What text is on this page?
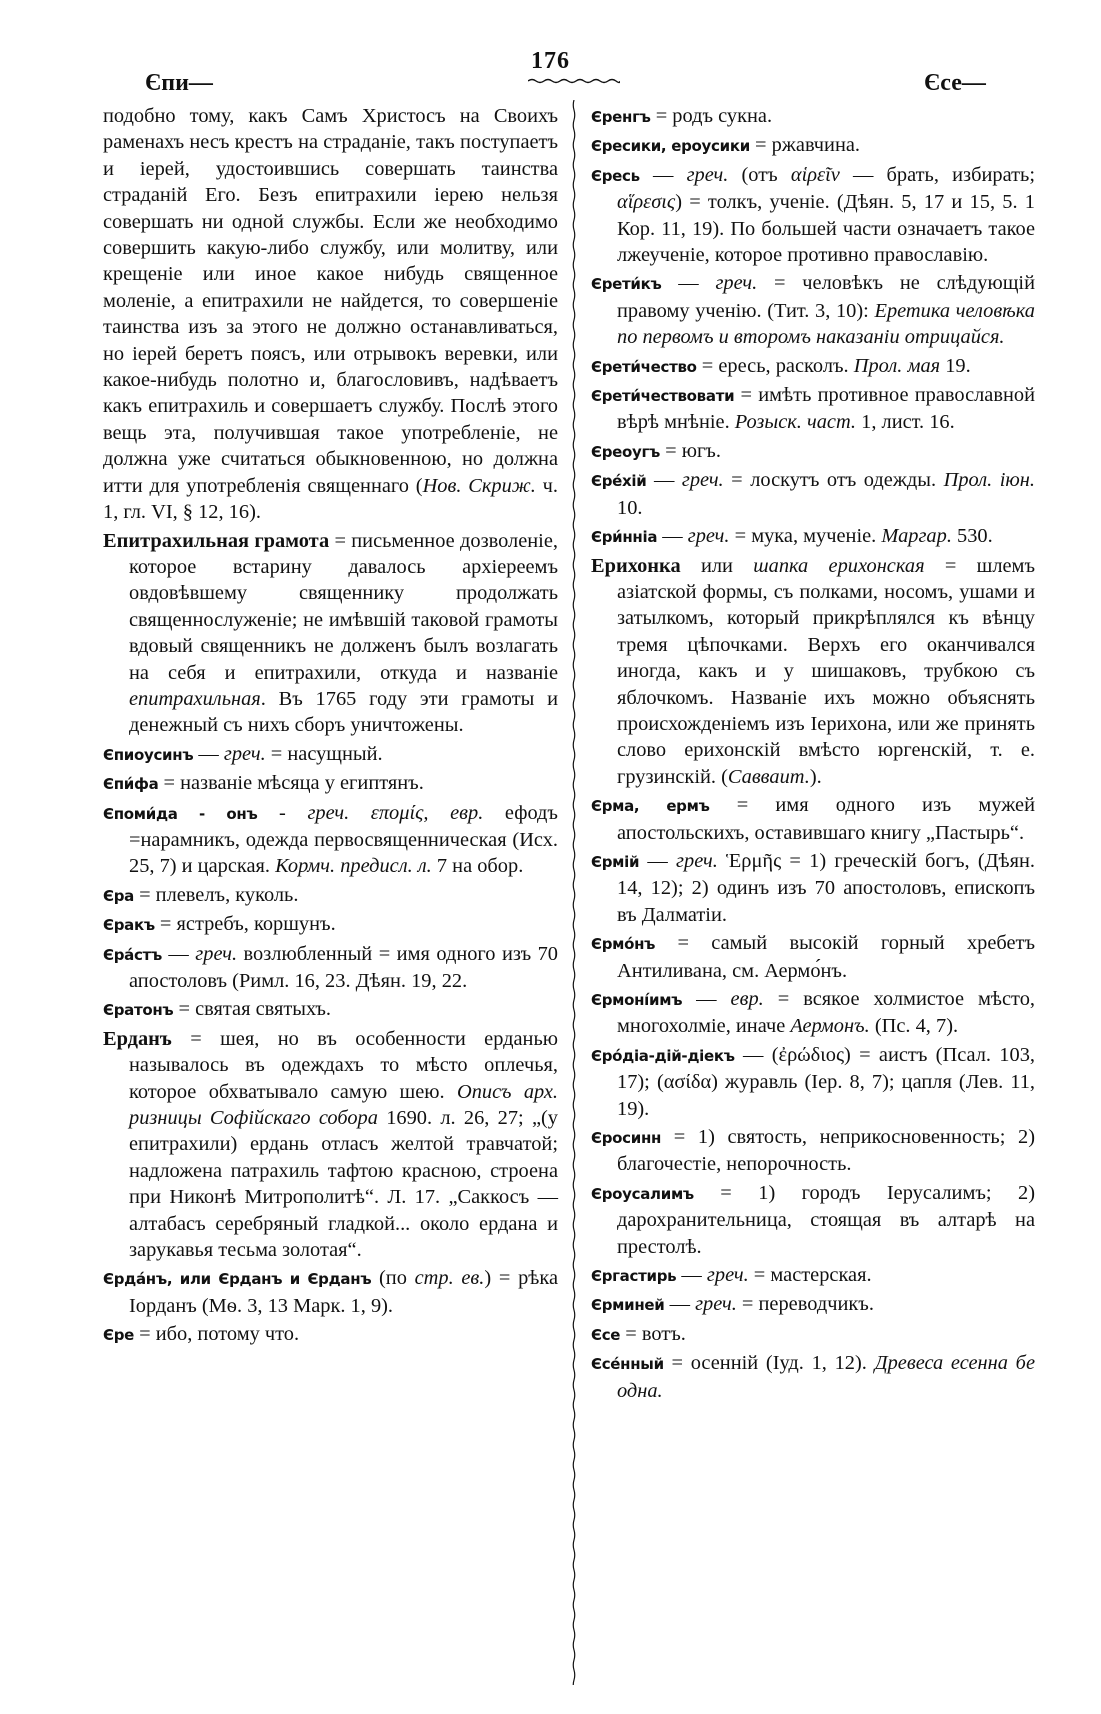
176
Єпи—	Єсе—

подобно тому, какъ Самъ Христосъ на Своихъ раменахъ несъ крестъ на страданіе, такъ поступаетъ и іерей, удостоившись совершать таинства страданій Его. Безъ епитрахили іерею нельзя совершать ни одной службы. Если же необходимо совершить какую-либо службу, или молитву, или крещеніе или иное какое нибудь священное моленіе, а епитрахили не найдется, то совершеніе таинства изъ за этого не должно останавливаться, но іерей беретъ поясъ, или отрывокъ веревки, или какое-нибудь полотно и, благословивъ, надѣваетъ какъ епитрахиль и совершаетъ службу. Послѣ этого вещь эта, получившая такое употребленіе, не должна уже считаться обыкновенною, но должна итти для употребленія священнаго (Нов. Скриж. ч. 1, гл. VI, § 12, 16).

Епитрахильная грамота = письменное дозволеніе, которое встарину давалось архіереемъ овдовѣвшему священнику продолжать священнослуженіе; не имѣвшій таковой грамоты вдовый священникъ не долженъ былъ возлагать на себя и епитрахили, откуда и названіе епитрахильная. Въ 1765 году эти грамоты и денежный съ нихъ сборъ уничтожены.

Єпиоусинъ — греч. = насущный.

Єпи́фа = названіе мѣсяца у египтянъ.

Єпоми́да - онъ - греч. επομίς, евр. ефодъ =нарамникъ, одежда первосвященническая (Исх. 25, 7) и царская. Кормч. предисл. л. 7 на обор.

Єра = плевелъ, куколь.

Єракъ = ястребъ, коршунъ.

Єра́стъ — греч. возлюбленный = имя одного изъ 70 апостоловъ (Римл. 16, 23. Дѣян. 19, 22.

Єратонъ = святая святыхъ.

Ерданъ = шея, но въ особенности ерданью называлось въ одеждахъ то мѣсто оплечья, которое обхватывало самую шею. Описъ арх. ризницы Софійскаго собора 1690. л. 26, 27; „(у епитрахили) ердань отласъ желтой травчатой; надложена патрахиль тафтою красною, строена при Никонѣ Митрополитѣ“. Л. 17. „Саккосъ — алтабасъ серебряный гладкой... около ердана и зарукавья тесьма золотая“.

Єрда́нъ, или Єрданъ и Єрданъ (по стр. ев.) = рѣка Іорданъ (Мѳ. 3, 13 Марк. 1, 9).

Єре = ибо, потому что.

Єренгъ = родъ сукна.

Єресики, ероусики = ржавчина.

Єресь — греч. (отъ αἱρεῖν — брать, избирать; αἵρεσις) = толкъ, ученіе. (Дѣян. 5, 17 и 15, 5. 1 Кор. 11, 19). По большей части означаетъ такое лжеученіе, которое противно православію.

Єрети́къ — греч. = человѣкъ не слѣдующій правому ученію. (Тит. 3, 10): Еретика человѣка по первомъ и второмъ наказаніи отрицайся.

Єрети́чество = ересь, расколъ. Прол. мая 19.

Єрети́чествовати = имѣть противное православной вѣрѣ мнѣніе. Розыск. част. 1, лист. 16.

Єреоугъ = югъ.

Єре́хій — греч. = лоскутъ отъ одежды. Прол. іюн. 10.

Єри́нніа — греч. = мука, мученіе. Маргар. 530.

Ерихонка или шапка ерихонская = шлемъ азіатской формы, съ полками, носомъ, ушами и затылкомъ, который прикрѣплялся къ вѣнцу тремя цѣпочками. Верхъ его оканчивался иногда, какъ и у шишаковъ, трубкою съ яблочкомъ. Названіе ихъ можно объяснять происхожденіемъ изъ Іерихона, или же принять слово ерихонскій вмѣсто юргенскій, т. е. грузинскій. (Савваит.).

Єрма, ермъ = имя одного изъ мужей апостольскихъ, оставившаго книгу „Пастырь“.

Єрмій — греч. Ἑρμῆς = 1) греческій богъ, (Дѣян. 14, 12); 2) одинъ изъ 70 апостоловъ, епископъ въ Далматіи.

Єрмо́нъ = самый высокій горный хребетъ Антиливана, см. Аермо́нъ.

Єрмоні́имъ — евр. = всякое холмистое мѣсто, многохолміе, иначе Аермонъ. (Пс. 4, 7).

Єро́діа-дій-діекъ — (ἐρώδιος) = аистъ (Псал. 103, 17); (ασίδα) журавль (Іер. 8, 7); цапля (Лев. 11, 19).

Єросинн = 1) святость, неприкосновенность; 2) благочестіе, непорочность.

Єроусалимъ = 1) городъ Іерусалимъ; 2) дарохранительница, стоящая въ алтарѣ на престолѣ.

Єргастирь — греч. = мастерская.

Єрминей — греч. = переводчикъ.

Єсе = вотъ.

Єсе́нный = осенній (Іуд. 1, 12). Древеса есенна бе одна.
